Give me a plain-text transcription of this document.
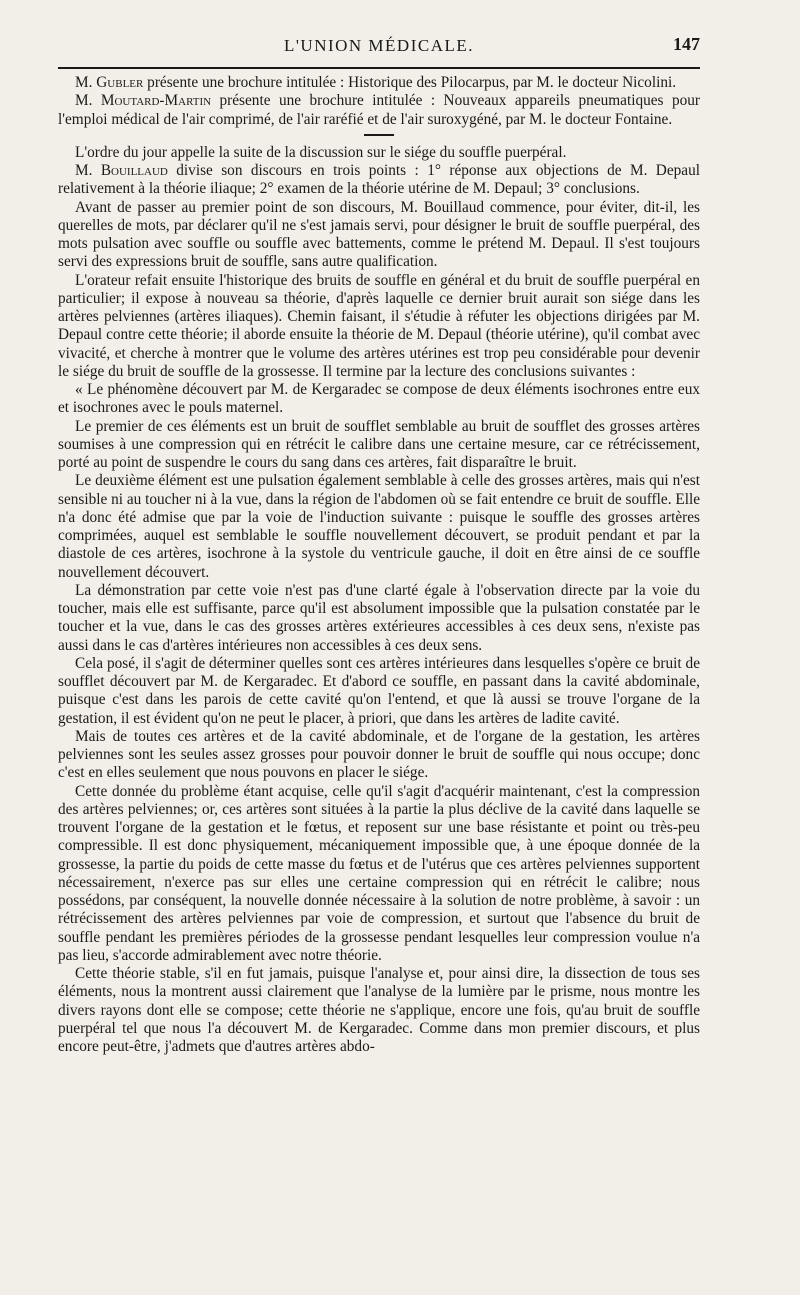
L'UNION MÉDICALE.	147

M. Gubler présente une brochure intitulée : Historique des Pilocarpus, par M. le docteur Nicolini.

M. Moutard-Martin présente une brochure intitulée : Nouveaux appareils pneumatiques pour l'emploi médical de l'air comprimé, de l'air raréfié et de l'air suroxygéné, par M. le docteur Fontaine.

L'ordre du jour appelle la suite de la discussion sur le siége du souffle puerpéral.

M. Bouillaud divise son discours en trois points : 1° réponse aux objections de M. Depaul relativement à la théorie iliaque; 2° examen de la théorie utérine de M. Depaul; 3° conclusions.

Avant de passer au premier point de son discours, M. Bouillaud commence, pour éviter, dit-il, les querelles de mots, par déclarer qu'il ne s'est jamais servi, pour désigner le bruit de souffle puerpéral, des mots pulsation avec souffle ou souffle avec battements, comme le prétend M. Depaul. Il s'est toujours servi des expressions bruit de souffle, sans autre qualification.

L'orateur refait ensuite l'historique des bruits de souffle en général et du bruit de souffle puerpéral en particulier; il expose à nouveau sa théorie, d'après laquelle ce dernier bruit aurait son siége dans les artères pelviennes (artères iliaques). Chemin faisant, il s'étudie à réfuter les objections dirigées par M. Depaul contre cette théorie; il aborde ensuite la théorie de M. Depaul (théorie utérine), qu'il combat avec vivacité, et cherche à montrer que le volume des artères utérines est trop peu considérable pour devenir le siége du bruit de souffle de la grossesse. Il termine par la lecture des conclusions suivantes :

« Le phénomène découvert par M. de Kergaradec se compose de deux éléments isochrones entre eux et isochrones avec le pouls maternel.

Le premier de ces éléments est un bruit de soufflet semblable au bruit de soufflet des grosses artères soumises à une compression qui en rétrécit le calibre dans une certaine mesure, car ce rétrécissement, porté au point de suspendre le cours du sang dans ces artères, fait disparaître le bruit.

Le deuxième élément est une pulsation également semblable à celle des grosses artères, mais qui n'est sensible ni au toucher ni à la vue, dans la région de l'abdomen où se fait entendre ce bruit de souffle. Elle n'a donc été admise que par la voie de l'induction suivante : puisque le souffle des grosses artères comprimées, auquel est semblable le souffle nouvellement découvert, se produit pendant et par la diastole de ces artères, isochrone à la systole du ventricule gauche, il doit en être ainsi de ce souffle nouvellement découvert.

La démonstration par cette voie n'est pas d'une clarté égale à l'observation directe par la voie du toucher, mais elle est suffisante, parce qu'il est absolument impossible que la pulsation constatée par le toucher et la vue, dans le cas des grosses artères extérieures accessibles à ces deux sens, n'existe pas aussi dans le cas d'artères intérieures non accessibles à ces deux sens.

Cela posé, il s'agit de déterminer quelles sont ces artères intérieures dans lesquelles s'opère ce bruit de soufflet découvert par M. de Kergaradec. Et d'abord ce souffle, en passant dans la cavité abdominale, puisque c'est dans les parois de cette cavité qu'on l'entend, et que là aussi se trouve l'organe de la gestation, il est évident qu'on ne peut le placer, à priori, que dans les artères de ladite cavité.

Mais de toutes ces artères et de la cavité abdominale, et de l'organe de la gestation, les artères pelviennes sont les seules assez grosses pour pouvoir donner le bruit de souffle qui nous occupe; donc c'est en elles seulement que nous pouvons en placer le siége.

Cette donnée du problème étant acquise, celle qu'il s'agit d'acquérir maintenant, c'est la compression des artères pelviennes; or, ces artères sont situées à la partie la plus déclive de la cavité dans laquelle se trouvent l'organe de la gestation et le fœtus, et reposent sur une base résistante et point ou très-peu compressible. Il est donc physiquement, mécaniquement impossible que, à une époque donnée de la grossesse, la partie du poids de cette masse du fœtus et de l'utérus que ces artères pelviennes supportent nécessairement, n'exerce pas sur elles une certaine compression qui en rétrécit le calibre; nous possédons, par conséquent, la nouvelle donnée nécessaire à la solution de notre problème, à savoir : un rétrécissement des artères pelviennes par voie de compression, et surtout que l'absence du bruit de souffle pendant les premières périodes de la grossesse pendant lesquelles leur compression voulue n'a pas lieu, s'accorde admirablement avec notre théorie.

Cette théorie stable, s'il en fut jamais, puisque l'analyse et, pour ainsi dire, la dissection de tous ses éléments, nous la montrent aussi clairement que l'analyse de la lumière par le prisme, nous montre les divers rayons dont elle se compose; cette théorie ne s'applique, encore une fois, qu'au bruit de souffle puerpéral tel que nous l'a découvert M. de Kergaradec. Comme dans mon premier discours, et plus encore peut-être, j'admets que d'autres artères abdo-
